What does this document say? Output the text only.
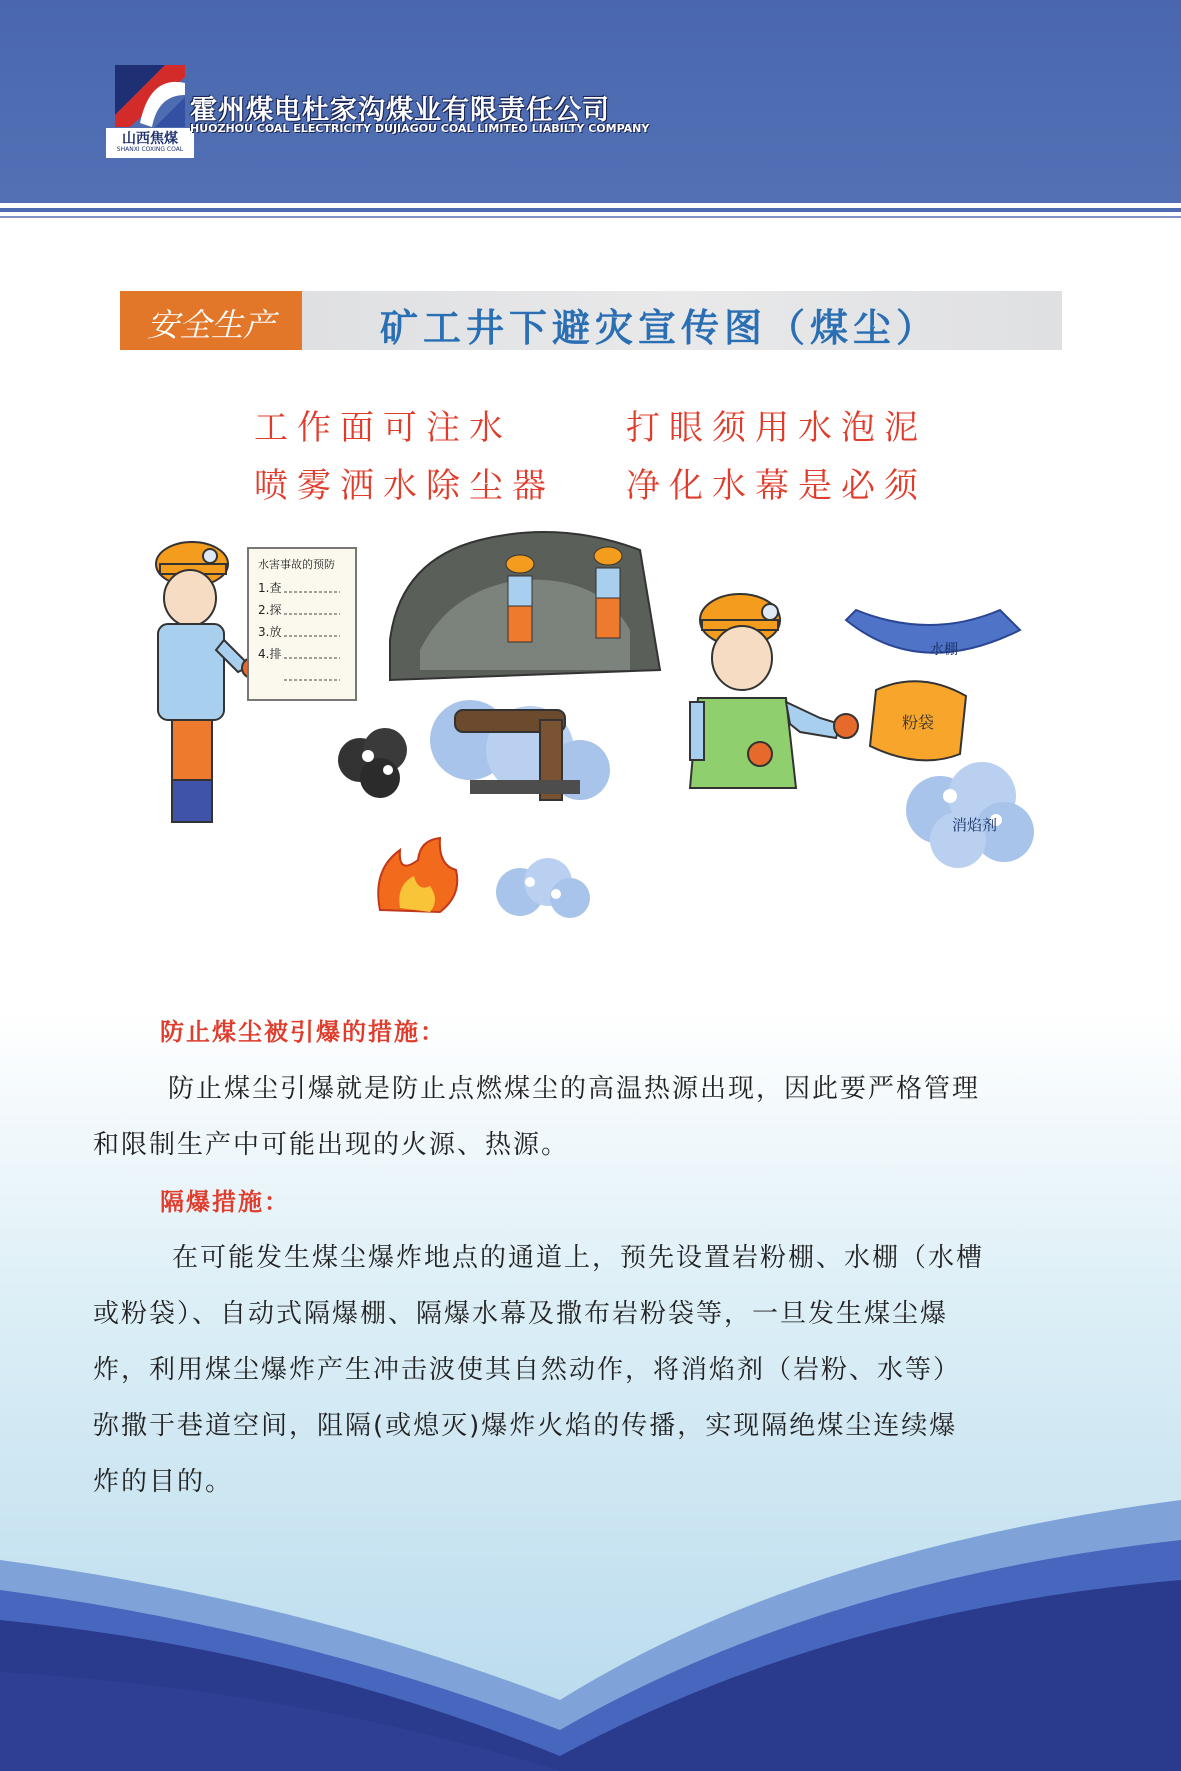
山西焦煤
SHANXI COXING COAL
霍州煤电杜家沟煤业有限责任公司
HUOZHOU COAL ELECTRICITY DUJIAGOU COAL LIMITEO LIABILTY COMPANY
安全生产	矿工井下避灾宣传图（煤尘）
工作面可注水	打眼须用水泡泥
喷雾洒水除尘器 净化水幕是必须
水害事故的预防
1.查
2.探
3.放
4.排	水棚
粉袋
消焰剂
防止煤尘被引爆的措施：
防止煤尘引爆就是防止点燃煤尘的高温热源出现，因此要严格管理
和限制生产中可能出现的火源、热源。
隔爆措施：
在可能发生煤尘爆炸地点的通道上，预先设置岩粉棚、水棚（水槽
或粉袋）、自动式隔爆棚、隔爆水幕及撒布岩粉袋等，一旦发生煤尘爆
炸，利用煤尘爆炸产生冲击波使其自然动作，将消焰剂（岩粉、水等）
弥撒于巷道空间，阻隔(或熄灭)爆炸火焰的传播，实现隔绝煤尘连续爆
炸的目的。
